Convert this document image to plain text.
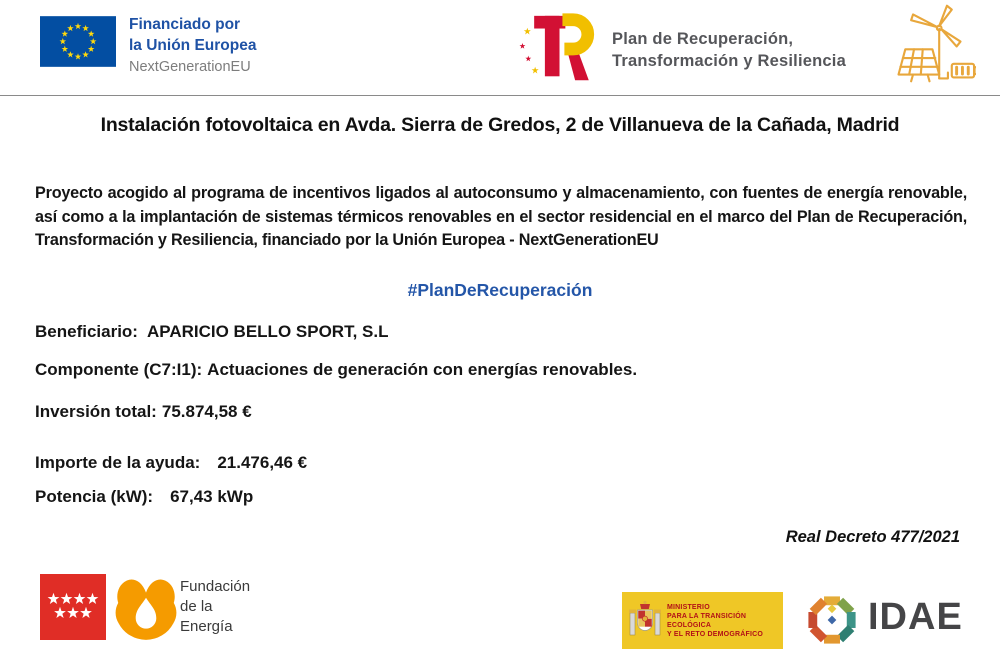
Financiado por
la Unión Europea
NextGenerationEU
Plan de Recuperación,
Transformación y Resiliencia
Instalación fotovoltaica en Avda. Sierra de Gredos, 2 de Villanueva de la Cañada, Madrid
Proyecto acogido al programa de incentivos ligados al autoconsumo y almacenamiento, con fuentes de energía renovable, así como a la implantación de sistemas térmicos renovables en el sector residencial en el marco del Plan de Recuperación, Transformación y Resiliencia, financiado por la Unión Europea - NextGenerationEU
#PlanDeRecuperación
Beneficiario: APARICIO BELLO SPORT, S.L
Componente (C7:I1): Actuaciones de generación con energías renovables.
Inversión total: 75.874,58 €
Importe de la ayuda: 21.476,46 €
Potencia (kW): 67,43 kWp
Real Decreto 477/2021
Fundación
de la
Energía
MINISTERIO
PARA LA TRANSICIÓN ECOLÓGICA
Y EL RETO DEMOGRÁFICO	IDAE
